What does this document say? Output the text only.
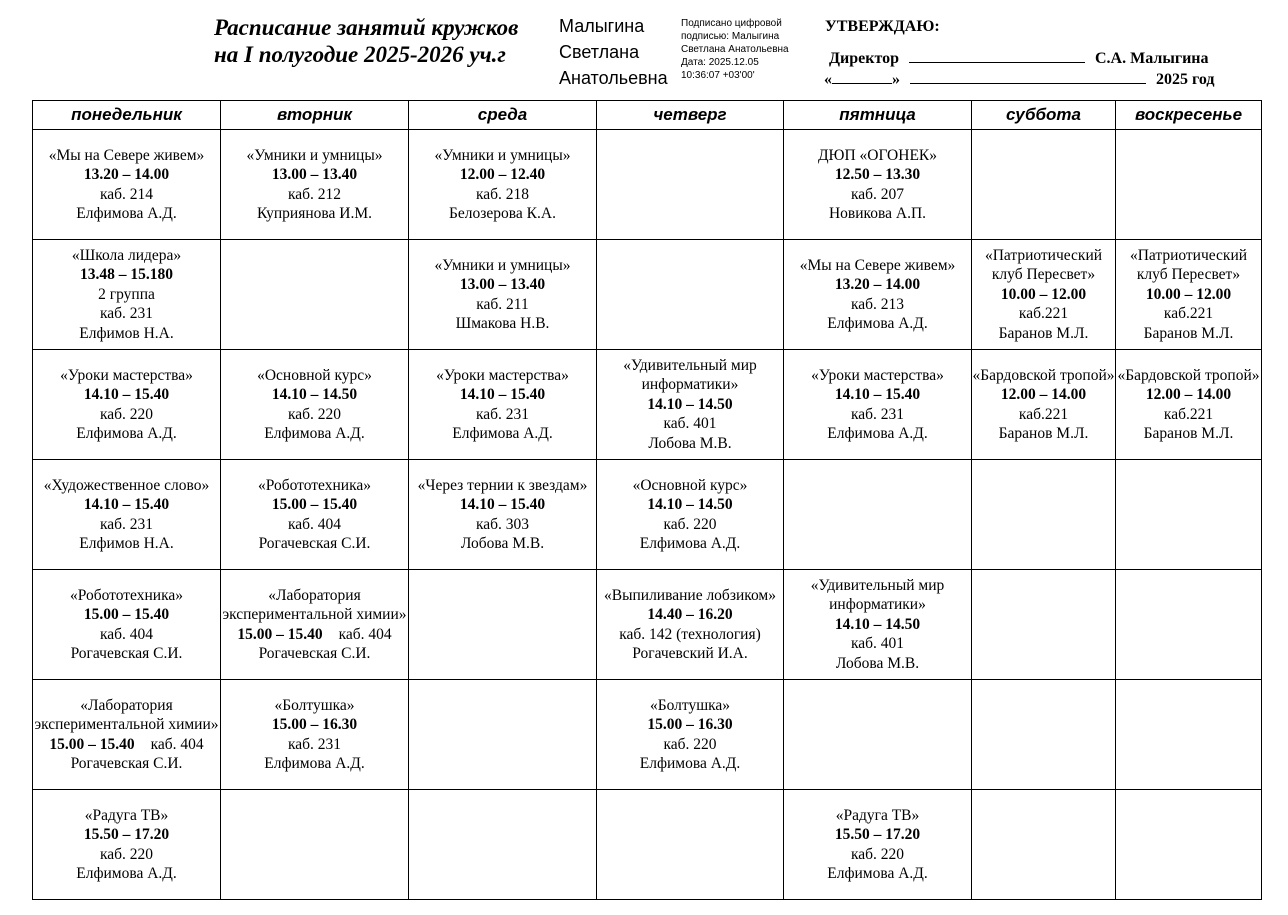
Расписание занятий кружков
на I полугодие 2025-2026 уч.г
Малыгина
Светлана
Анатольевна
Подписано цифровой
подписью: Малыгина
Светлана Анатольевна
Дата: 2025.12.05
10:36:07 +03'00'
УТВЕРЖДАЮ:
Директор	С.А. Малыгина
«	»	2025 год
понедельник	вторник	среда	четверг	пятница	суббота	воскресенье

«Мы на Севере живем»
13.20 – 14.00
каб. 214
Елфимова А.Д.	«Умники и умницы»
13.00 – 13.40
каб. 212
Куприянова И.М.	«Умники и умницы»
12.00 – 12.40
каб. 218
Белозерова К.А.		ДЮП «ОГОНЕК»
12.50 – 13.30
каб. 207
Новикова А.П.		

«Школа лидера»
13.48 – 15.180
2 группа
каб. 231
Елфимов Н.А.		«Умники и умницы»
13.00 – 13.40
каб. 211
Шмакова Н.В.		«Мы на Севере живем»
13.20 – 14.00
каб. 213
Елфимова А.Д.	«Патриотический клуб Пересвет»
10.00 – 12.00
каб.221
Баранов М.Л.	«Патриотический клуб Пересвет»
10.00 – 12.00
каб.221
Баранов М.Л.

«Уроки мастерства»
14.10 – 15.40
каб. 220
Елфимова А.Д.	«Основной курс»
14.10 – 14.50
каб. 220
Елфимова А.Д.	«Уроки мастерства»
14.10 – 15.40
каб. 231
Елфимова А.Д.	«Удивительный мир информатики»
14.10 – 14.50
каб. 401
Лобова М.В.	«Уроки мастерства»
14.10 – 15.40
каб. 231
Елфимова А.Д.	«Бардовской тропой»
12.00 – 14.00
каб.221
Баранов М.Л.	«Бардовской тропой»
12.00 – 14.00
каб.221
Баранов М.Л.

«Художественное слово»
14.10 – 15.40
каб. 231
Елфимов Н.А.	«Робототехника»
15.00 – 15.40
каб. 404
Рогачевская С.И.	«Через тернии к звездам»
14.10 – 15.40
каб. 303
Лобова М.В.	«Основной курс»
14.10 – 14.50
каб. 220
Елфимова А.Д.			

«Робототехника»
15.00 – 15.40
каб. 404
Рогачевская С.И.	«Лаборатория экспериментальной химии»
15.00 – 15.40 каб. 404
Рогачевская С.И.		«Выпиливание лобзиком»
14.40 – 16.20
каб. 142 (технология)
Рогачевский И.А.	«Удивительный мир информатики»
14.10 – 14.50
каб. 401
Лобова М.В.		

«Лаборатория экспериментальной химии»
15.00 – 15.40 каб. 404
Рогачевская С.И.	«Болтушка»
15.00 – 16.30
каб. 231
Елфимова А.Д.		«Болтушка»
15.00 – 16.30
каб. 220
Елфимова А.Д.			

«Радуга ТВ»
15.50 – 17.20
каб. 220
Елфимова А.Д.				«Радуга ТВ»
15.50 – 17.20
каб. 220
Елфимова А.Д.		
